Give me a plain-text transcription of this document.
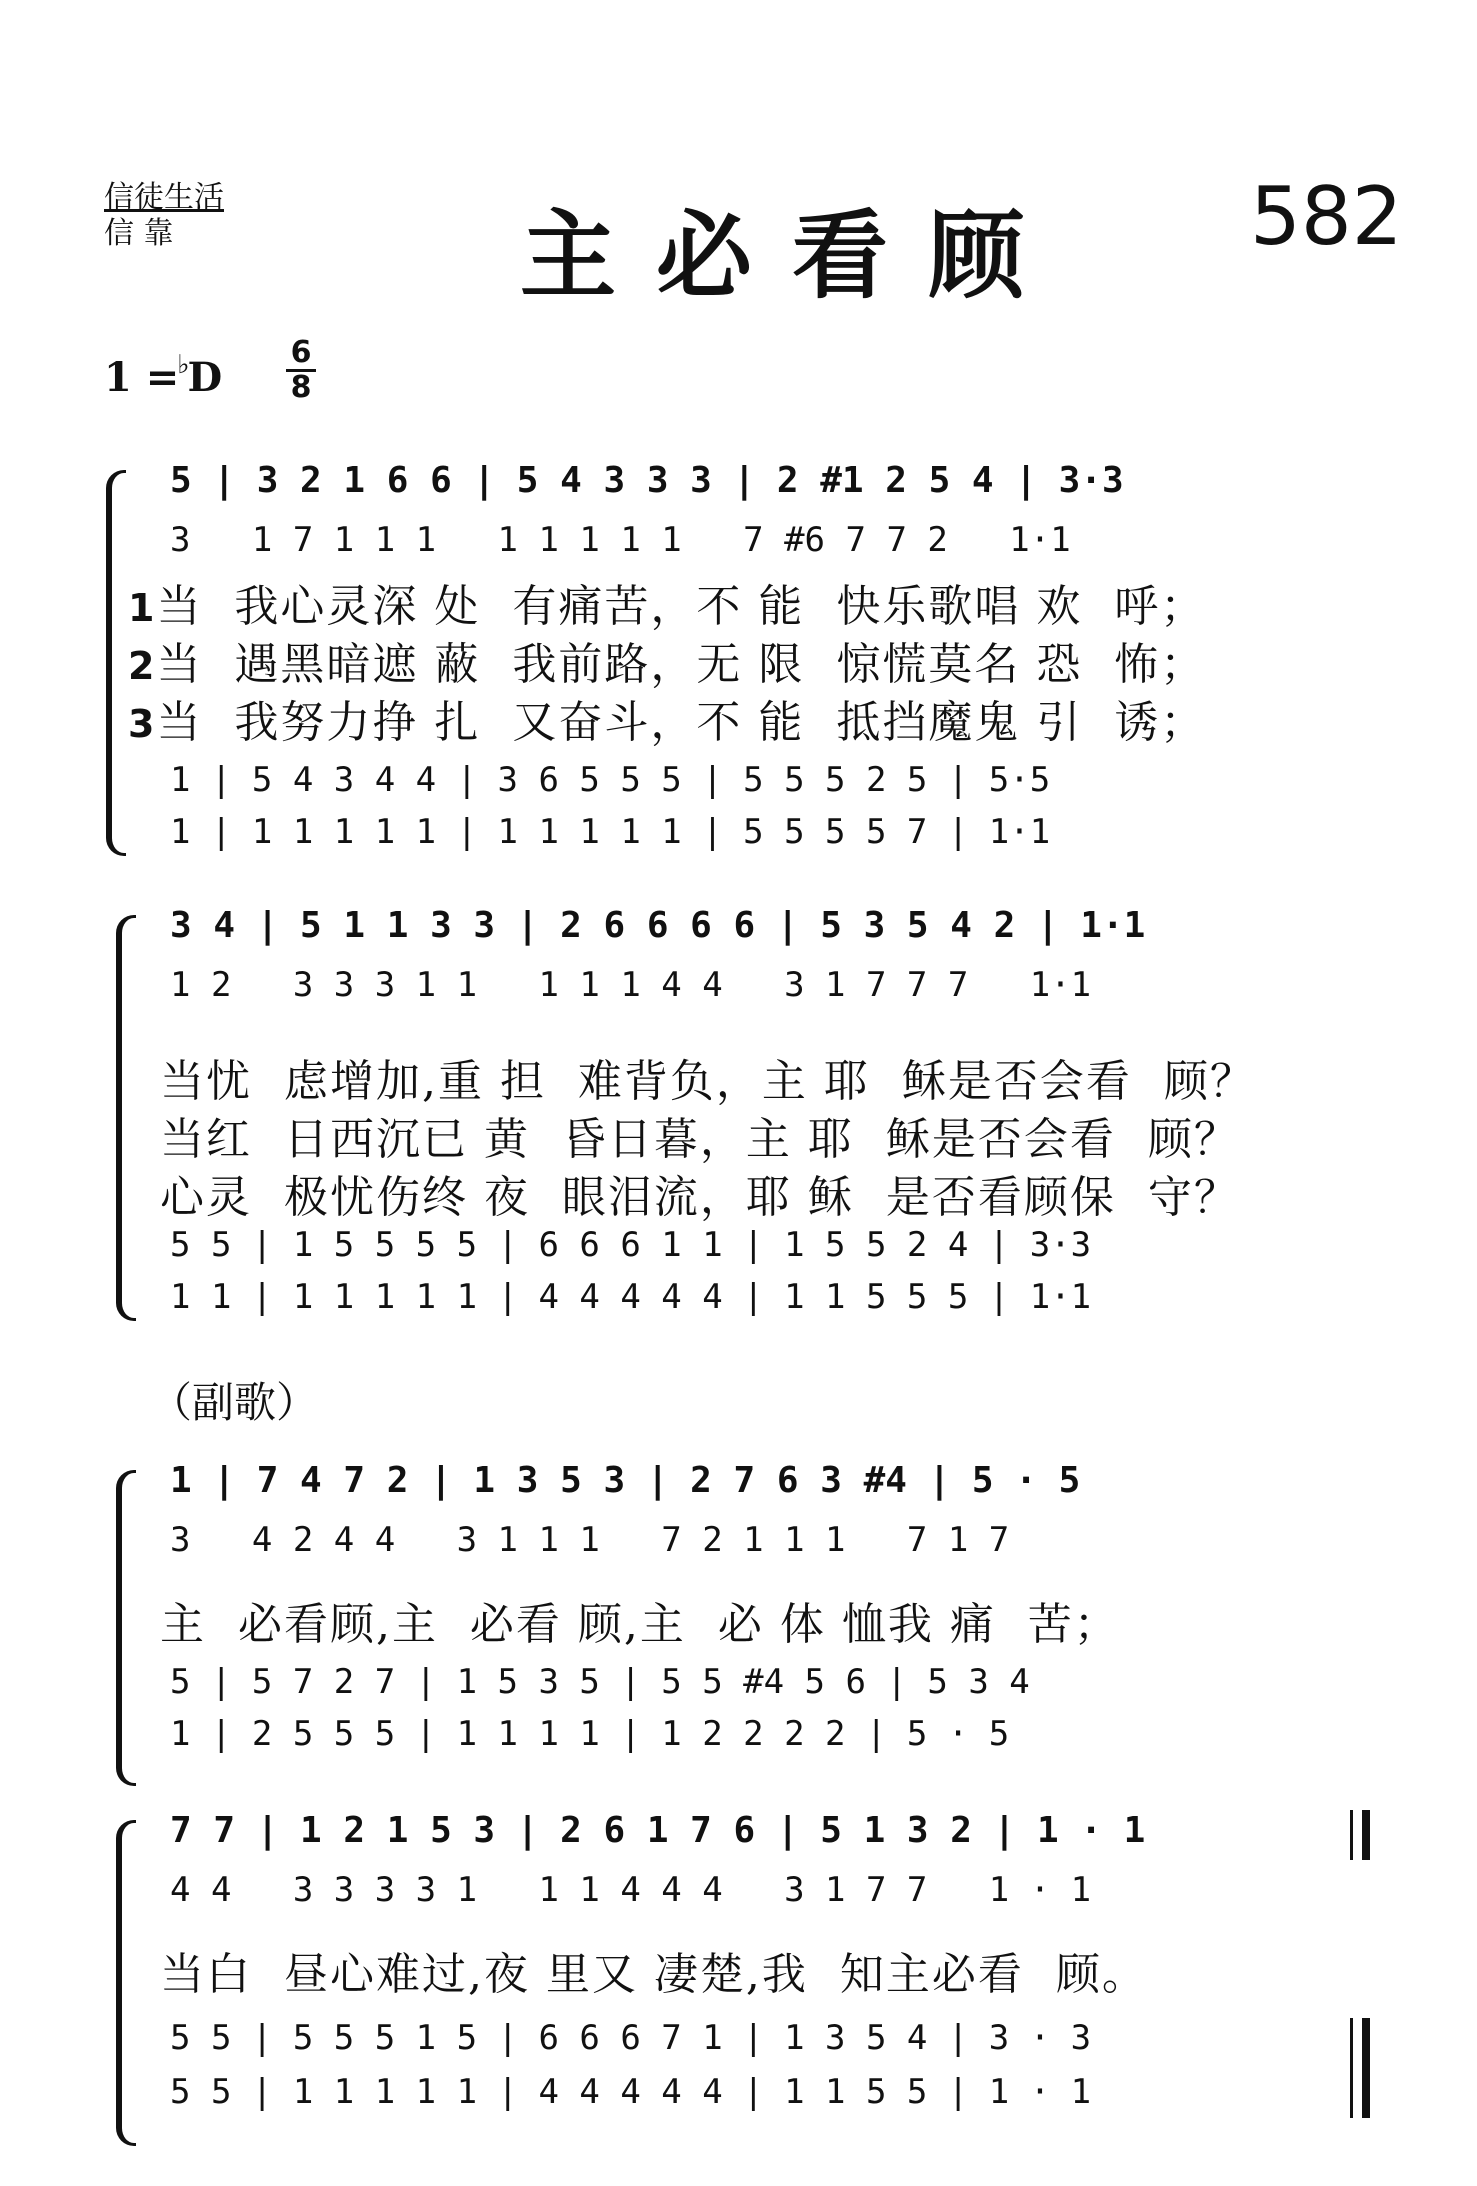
信徒生活
信 靠	主必看顾 582
1 =♭D
6
8
5 | 3 2 1 6 6 | 5 4 3 3 3 | 2 #1 2 5 4 | 3·3
3   1 7 1 1 1   1 1 1 1 1   7 #6 7 7 2   1·1
1当  我心灵深 处  有痛苦，不 能  快乐歌唱 欢  呼；
2当  遇黑暗遮 蔽  我前路，无 限  惊慌莫名 恐  怖；
3当  我努力挣 扎  又奋斗，不 能  抵挡魔鬼 引  诱；
1 | 5 4 3 4 4 | 3 6 5 5 5 | 5 5 5 2 5 | 5·5
1 | 1 1 1 1 1 | 1 1 1 1 1 | 5 5 5 5 7 | 1·1
3 4 | 5 1 1 3 3 | 2 6 6 6 6 | 5 3 5 4 2 | 1·1
1 2   3 3 3 1 1   1 1 1 4 4   3 1 7 7 7   1·1
当忧  虑增加,重 担  难背负，主 耶  稣是否会看  顾？
当红  日西沉已 黄  昏日暮，主 耶  稣是否会看  顾？
心灵  极忧伤终 夜  眼泪流，耶 稣  是否看顾保  守？
5 5 | 1 5 5 5 5 | 6 6 6 1 1 | 1 5 5 2 4 | 3·3
1 1 | 1 1 1 1 1 | 4 4 4 4 4 | 1 1 5 5 5 | 1·1
（副歌）
1 | 7 4 7 2 | 1 3 5 3 | 2 7 6 3 #4 | 5 · 5
3   4 2 4 4   3 1 1 1   7 2 1 1 1   7 1 7
主  必看顾,主  必看 顾,主  必 体 恤我 痛  苦；
5 | 5 7 2 7 | 1 5 3 5 | 5 5 #4 5 6 | 5 3 4
1 | 2 5 5 5 | 1 1 1 1 | 1 2 2 2 2 | 5 · 5
7 7 | 1 2 1 5 3 | 2 6 1 7 6 | 5 1 3 2 | 1 · 1
4 4   3 3 3 3 1   1 1 4 4 4   3 1 7 7   1 · 1
当白  昼心难过,夜 里又 凄楚,我  知主必看  顾。
5 5 | 5 5 5 1 5 | 6 6 6 7 1 | 1 3 5 4 | 3 · 3
5 5 | 1 1 1 1 1 | 4 4 4 4 4 | 1 1 5 5 | 1 · 1
